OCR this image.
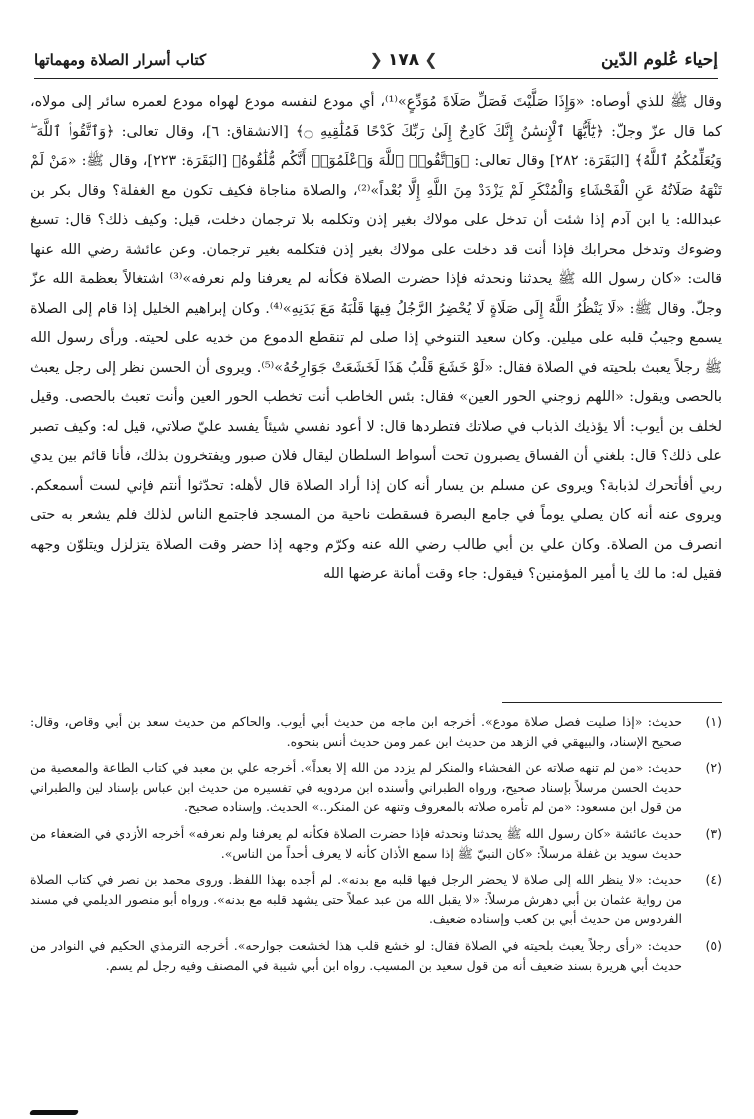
إحياء عُلوم الدّين
❯ ١٧٨ ❮
كتاب أسرار الصلاة ومهماتها

وقال ﷺ للذي أوصاه: «وَإِذَا صَلَّيْتَ فَصَلِّ صَلَاةَ مُوَدِّعٍ»⁽¹⁾، أي مودع لنفسه مودع لهواه مودع لعمره سائر إلى مولاه، كما قال عزّ وجلّ: ﴿يَٰٓأَيُّهَا ٱلْإِنسَٰنُ إِنَّكَ كَادِحٌ إِلَىٰ رَبِّكَ كَدْحًا فَمُلَٰقِيهِ ۝﴾ [الانشقاق: ٦]، وقال تعالى: ﴿وَٱتَّقُوا۟ ٱللَّهَ ۖ وَيُعَلِّمُكُمُ ٱللَّهُ﴾ [البَقَرَة: ٢٨٢] وقال تعالى: ﴿وَٱتَّقُوا۟ ٱللَّهَ وَٱعْلَمُوٓا۟ أَنَّكُم مُّلَٰقُوهُ﴾ [البَقَرَة: ٢٢٣]، وقال ﷺ: «مَنْ لَمْ تَنْهَهُ صَلَاتُهُ عَنِ الْفَحْشَاءِ وَالْمُنْكَرِ لَمْ يَزْدَدْ مِنَ اللَّهِ إِلَّا بُعْداً»⁽²⁾، والصلاة مناجاة فكيف تكون مع الغفلة؟ وقال بكر بن عبدالله: يا ابن آدم إذا شئت أن تدخل على مولاك بغير إذن وتكلمه بلا ترجمان دخلت، قيل: وكيف ذلك؟ قال: تسبغ وضوءك وتدخل محرابك فإذا أنت قد دخلت على مولاك بغير إذن فتكلمه بغير ترجمان. وعن عائشة رضي الله عنها قالت: «كان رسول الله ﷺ يحدثنا ونحدثه فإذا حضرت الصلاة فكأنه لم يعرفنا ولم نعرفه»⁽³⁾ اشتغالاً بعظمة الله عزّ وجلّ. وقال ﷺ: «لَا يَنْظُرُ اللَّهُ إِلَى صَلَاةٍ لَا يُحْضِرُ الرَّجُلُ فِيهَا قَلْبَهُ مَعَ بَدَنِهِ»⁽⁴⁾. وكان إبراهيم الخليل إذا قام إلى الصلاة يسمع وجيبُ قلبه على ميلين. وكان سعيد التنوخي إذا صلى لم تنقطع الدموع من خديه على لحيته. ورأى رسول الله ﷺ رجلاً يعبث بلحيته في الصلاة فقال: «لَوْ خَشَعَ قَلْبُ هَذَا لَخَشَعَتْ جَوَارِحُهُ»⁽⁵⁾. ويروى أن الحسن نظر إلى رجل يعبث بالحصى ويقول: «اللهم زوجني الحور العين» فقال: بئس الخاطب أنت تخطب الحور العين وأنت تعبث بالحصى. وقيل لخلف بن أيوب: ألا يؤذيك الذباب في صلاتك فتطردها قال: لا أعود نفسي شيئاً يفسد عليّ صلاتي، قيل له: وكيف تصبر على ذلك؟ قال: بلغني أن الفساق يصبرون تحت أسواط السلطان ليقال فلان صبور ويفتخرون بذلك، فأنا قائم بين يدي ربي أفأتحرك لذبابة؟ ويروى عن مسلم بن يسار أنه كان إذا أراد الصلاة قال لأهله: تحدّثوا أنتم فإني لست أسمعكم. ويروى عنه أنه كان يصلي يوماً في جامع البصرة فسقطت ناحية من المسجد فاجتمع الناس لذلك فلم يشعر به حتى انصرف من الصلاة. وكان علي بن أبي طالب رضي الله عنه وكرّم وجهه إذا حضر وقت الصلاة يتزلزل ويتلوّن وجهه فقيل له: ما لك يا أمير المؤمنين؟ فيقول: جاء وقت أمانة عرضها الله

(١)

حديث: «إذا صليت فصل صلاة مودع». أخرجه ابن ماجه من حديث أبي أيوب. والحاكم من حديث سعد بن أبي وقاص، وقال: صحيح الإسناد، والبيهقي في الزهد من حديث ابن عمر ومن حديث أنس بنحوه.

(٢)

حديث: «من لم تنهه صلاته عن الفحشاء والمنكر لم يزدد من الله إلا بعداً». أخرجه علي بن معبد في كتاب الطاعة والمعصية من حديث الحسن مرسلاً بإسناد صحيح، ورواه الطبراني وأسنده ابن مردويه في تفسيره من حديث ابن عباس بإسناد لين والطبراني من قول ابن مسعود: «من لم تأمره صلاته بالمعروف وتنهه عن المنكر..» الحديث. وإسناده صحيح.

(٣)

حديث عائشة «كان رسول الله ﷺ يحدثنا ونحدثه فإذا حضرت الصلاة فكأنه لم يعرفنا ولم نعرفه» أخرجه الأزدي في الضعفاء من حديث سويد بن غفلة مرسلاً: «كان النبيّ ﷺ إذا سمع الأذان كأنه لا يعرف أحداً من الناس».

(٤)

حديث: «لا ينظر الله إلى صلاة لا يحضر الرجل فيها قلبه مع بدنه». لم أجده بهذا اللفظ. وروى محمد بن نصر في كتاب الصلاة من رواية عثمان بن أبي دهرش مرسلاً: «لا يقبل الله من عبد عملاً حتى يشهد قلبه مع بدنه». ورواه أبو منصور الديلمي في مسند الفردوس من حديث أبي بن كعب وإسناده ضعيف.

(٥)

حديث: «رأى رجلاً يعبث بلحيته في الصلاة فقال: لو خشع قلب هذا لخشعت جوارحه». أخرجه الترمذي الحكيم في النوادر من حديث أبي هريرة بسند ضعيف أنه من قول سعيد بن المسيب. رواه ابن أبي شيبة في المصنف وفيه رجل لم يسم.
